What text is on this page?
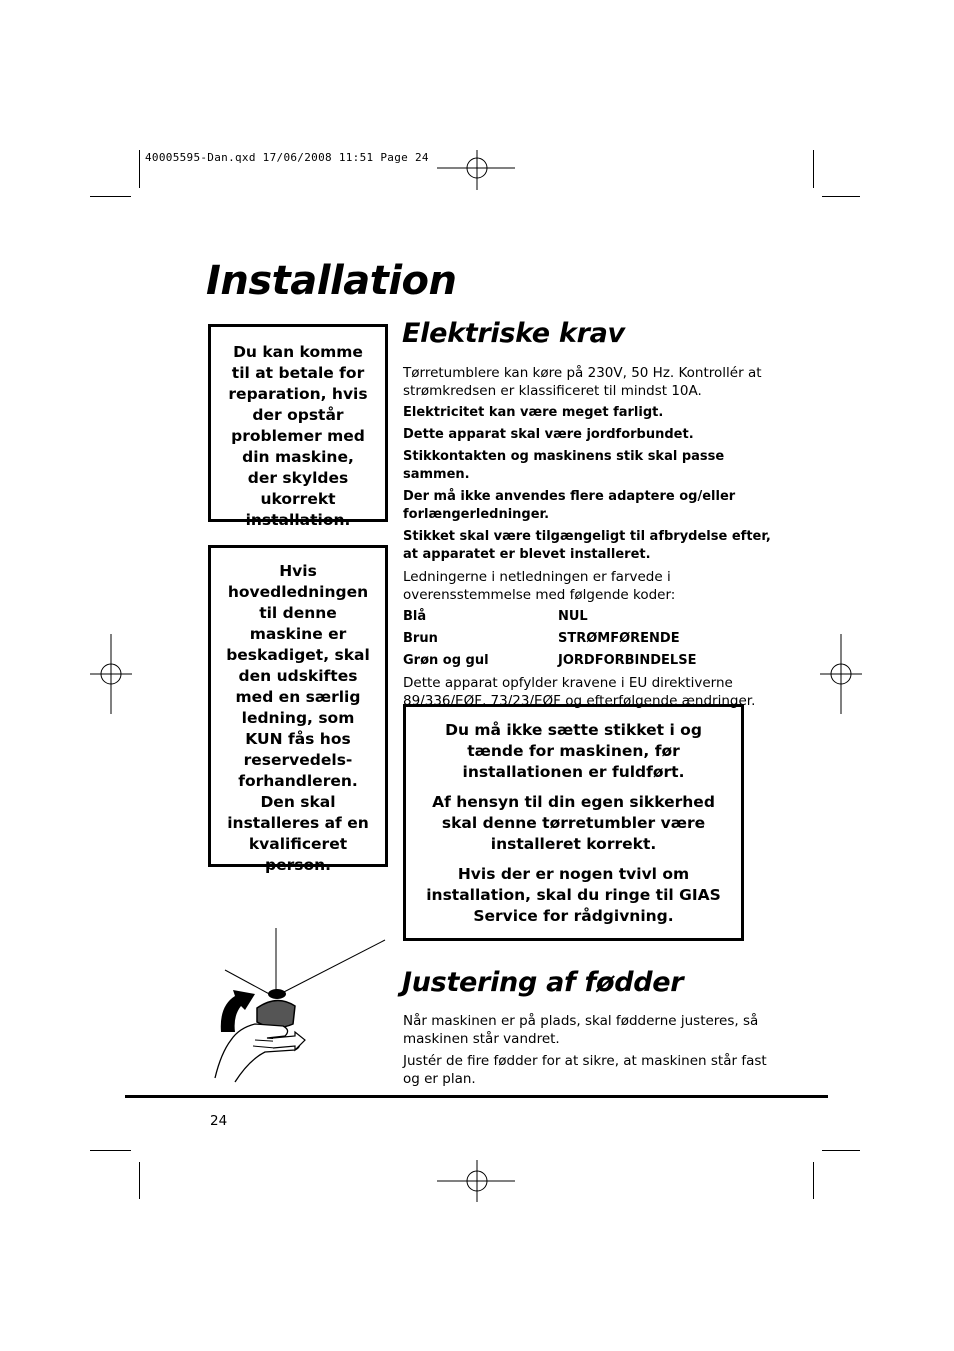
40005595-Dan.qxd 17/06/2008 11:51 Page 24
Installation
Du kan komme til at betale for reparation, hvis der opstår problemer med din maskine, der skyldes ukorrekt installation.
Hvis hovedledningen til denne maskine er beskadiget, skal den udskiftes med en særlig ledning, som KUN fås hos reservedels-forhandleren. Den skal installeres af en kvalificeret person.
Elektriske krav

Tørretumblere kan køre på 230V, 50 Hz. Kontrollér at strømkredsen er klassificeret til mindst 10A.

Elektricitet kan være meget farligt.

Dette apparat skal være jordforbundet.

Stikkontakten og maskinens stik skal passe sammen.

Der må ikke anvendes flere adaptere og/eller forlængerledninger.

Stikket skal være tilgængeligt til afbrydelse efter, at apparatet er blevet installeret.

Ledningerne i netledningen er farvede i overensstemmelse med følgende koder:

Blå	NUL
Brun	STRØMFØRENDE
Grøn og gul	JORDFORBINDELSE

Dette apparat opfylder kravene i EU direktiverne 89/336/EØF, 73/23/EØF og efterfølgende ændringer.

Du må ikke sætte stikket i og tænde for maskinen, før installationen er fuldført.

Af hensyn til din egen sikkerhed skal denne tørretumbler være installeret korrekt.

Hvis der er nogen tvivl om installation, skal du ringe til GIAS Service for rådgivning.

Justering af fødder

Når maskinen er på plads, skal fødderne justeres, så maskinen står vandret.

Justér de fire fødder for at sikre, at maskinen står fast og er plan.

24
